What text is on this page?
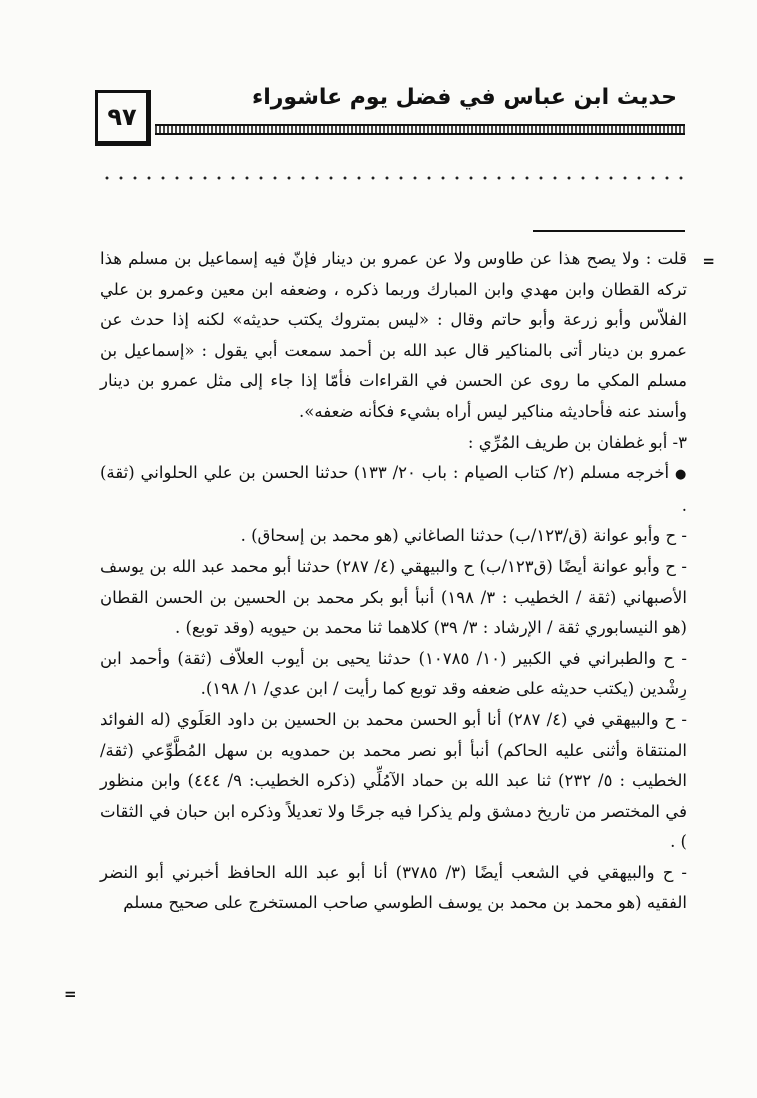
٩٧
حديث ابن عباس في فضل يوم عاشوراء
=
=

قلت : ولا يصح هذا عن طاوس ولا عن عمرو بن دينار فإنّ فيه إسماعيل بن مسلم هذا تركه القطان وابن مهدي وابن المبارك وربما ذكره ، وضعفه ابن معين وعمرو بن علي الفلاّس وأبو زرعة وأبو حاتم وقال : «ليس بمتروك يكتب حديثه» لكنه إذا حدث عن عمرو بن دينار أتى بالمناكير قال عبد الله بن أحمد سمعت أبي يقول : «إسماعيل بن مسلم المكي ما روى عن الحسن في القراءات فأمّا إذا جاء إلى مثل عمرو بن دينار وأسند عنه فأحاديثه مناكير ليس أراه بشيء فكأنه ضعفه».

٣- أبو غطفان بن طريف المُرِّي :

● أخرجه مسلم (٢/ كتاب الصيام : باب ٢٠/ ١٣٣) حدثنا الحسن بن علي الحلواني (ثقة) .

- ح وأبو عوانة (ق/١٢٣/ب) حدثنا الصاغاني (هو محمد بن إسحاق) .

- ح وأبو عوانة أيضًا (ق١٢٣/ب) ح والبيهقي (٤/ ٢٨٧) حدثنا أبو محمد عبد الله بن يوسف الأصبهاني (ثقة / الخطيب : ٣/ ١٩٨) أنبأ أبو بكر محمد بن الحسين بن الحسن القطان (هو النيسابوري ثقة / الإرشاد : ٣/ ٣٩) كلاهما ثنا محمد بن حيويه (وقد توبع) .

- ح والطبراني في الكبير (١٠/ ١٠٧٨٥) حدثنا يحيى بن أيوب العلاّف (ثقة) وأحمد ابن رِشْدين (يكتب حديثه على ضعفه وقد توبع كما رأيت / ابن عدي/ ١/ ١٩٨).

- ح والبيهقي في (٤/ ٢٨٧) أنا أبو الحسن محمد بن الحسين بن داود العَلَوي (له الفوائد المنتقاة وأثنى عليه الحاكم) أنبأ أبو نصر محمد بن حمدويه بن سهل المُطَّوِّعي (ثقة/ الخطيب : ٥/ ٢٣٢) ثنا عبد الله بن حماد الآمُلِّي (ذكره الخطيب: ٩/ ٤٤٤) وابن منظور في المختصر من تاريخ دمشق ولم يذكرا فيه جرحًا ولا تعديلاً وذكره ابن حبان في الثقات ) .

- ح والبيهقي في الشعب أيضًا (٣/ ٣٧٨٥) أنا أبو عبد الله الحافظ أخبرني أبو النضر الفقيه (هو محمد بن محمد بن يوسف الطوسي صاحب المستخرج على صحيح مسلم
